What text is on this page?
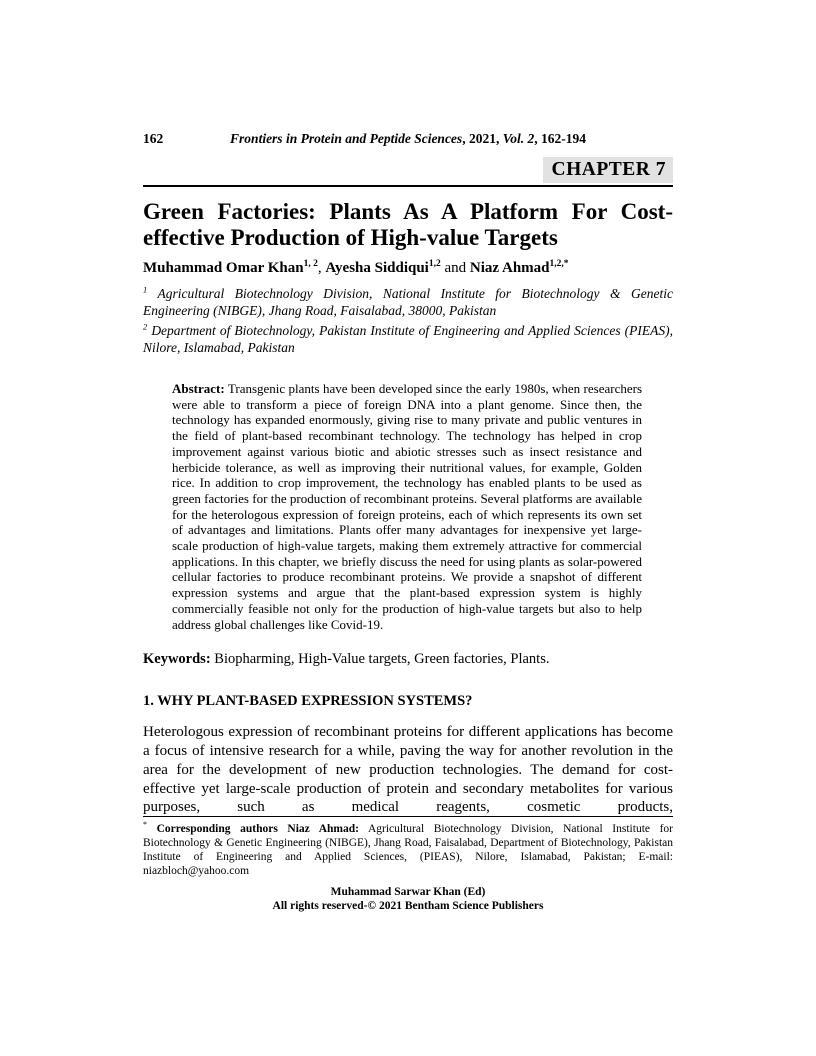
162	Frontiers in Protein and Peptide Sciences, 2021, Vol. 2, 162-194
CHAPTER 7
Green Factories: Plants As A Platform For Cost-
effective Production of High-value Targets

Muhammad Omar Khan$^{1, 2}$, Ayesha Siddiqui$^{1,2}$ and Niaz Ahmad$^{1,2,*}$

$^1$ Agricultural Biotechnology Division, National Institute for Biotechnology & Genetic Engineering (NIBGE), Jhang Road, Faisalabad, 38000, Pakistan

$^2$ Department of Biotechnology, Pakistan Institute of Engineering and Applied Sciences (PIEAS), Nilore, Islamabad, Pakistan

Abstract: Transgenic plants have been developed since the early 1980s, when researchers were able to transform a piece of foreign DNA into a plant genome. Since then, the technology has expanded enormously, giving rise to many private and public ventures in the field of plant-based recombinant technology. The technology has helped in crop improvement against various biotic and abiotic stresses such as insect resistance and herbicide tolerance, as well as improving their nutritional values, for example, Golden rice. In addition to crop improvement, the technology has enabled plants to be used as green factories for the production of recombinant proteins. Several platforms are available for the heterologous expression of foreign proteins, each of which represents its own set of advantages and limitations. Plants offer many advantages for inexpensive yet large-scale production of high-value targets, making them extremely attractive for commercial applications. In this chapter, we briefly discuss the need for using plants as solar-powered cellular factories to produce recombinant proteins. We provide a snapshot of different expression systems and argue that the plant-based expression system is highly commercially feasible not only for the production of high-value targets but also to help address global challenges like Covid-19.

Keywords: Biopharming, High-Value targets, Green factories, Plants.

1. WHY PLANT-BASED EXPRESSION SYSTEMS?

Heterologous expression of recombinant proteins for different applications has become a focus of intensive research for a while, paving the way for another revolution in the area for the development of new production technologies. The demand for cost-effective yet large-scale production of protein and secondary metabolites for various purposes, such as medical reagents, cosmetic products,

* Corresponding authors Niaz Ahmad: Agricultural Biotechnology Division, National Institute for Biotechnology & Genetic Engineering (NIBGE), Jhang Road, Faisalabad, Department of Biotechnology, Pakistan Institute of Engineering and Applied Sciences, (PIEAS), Nilore, Islamabad, Pakistan; E-mail: niazbloch@yahoo.com

Muhammad Sarwar Khan (Ed)
All rights reserved-© 2021 Bentham Science Publishers
